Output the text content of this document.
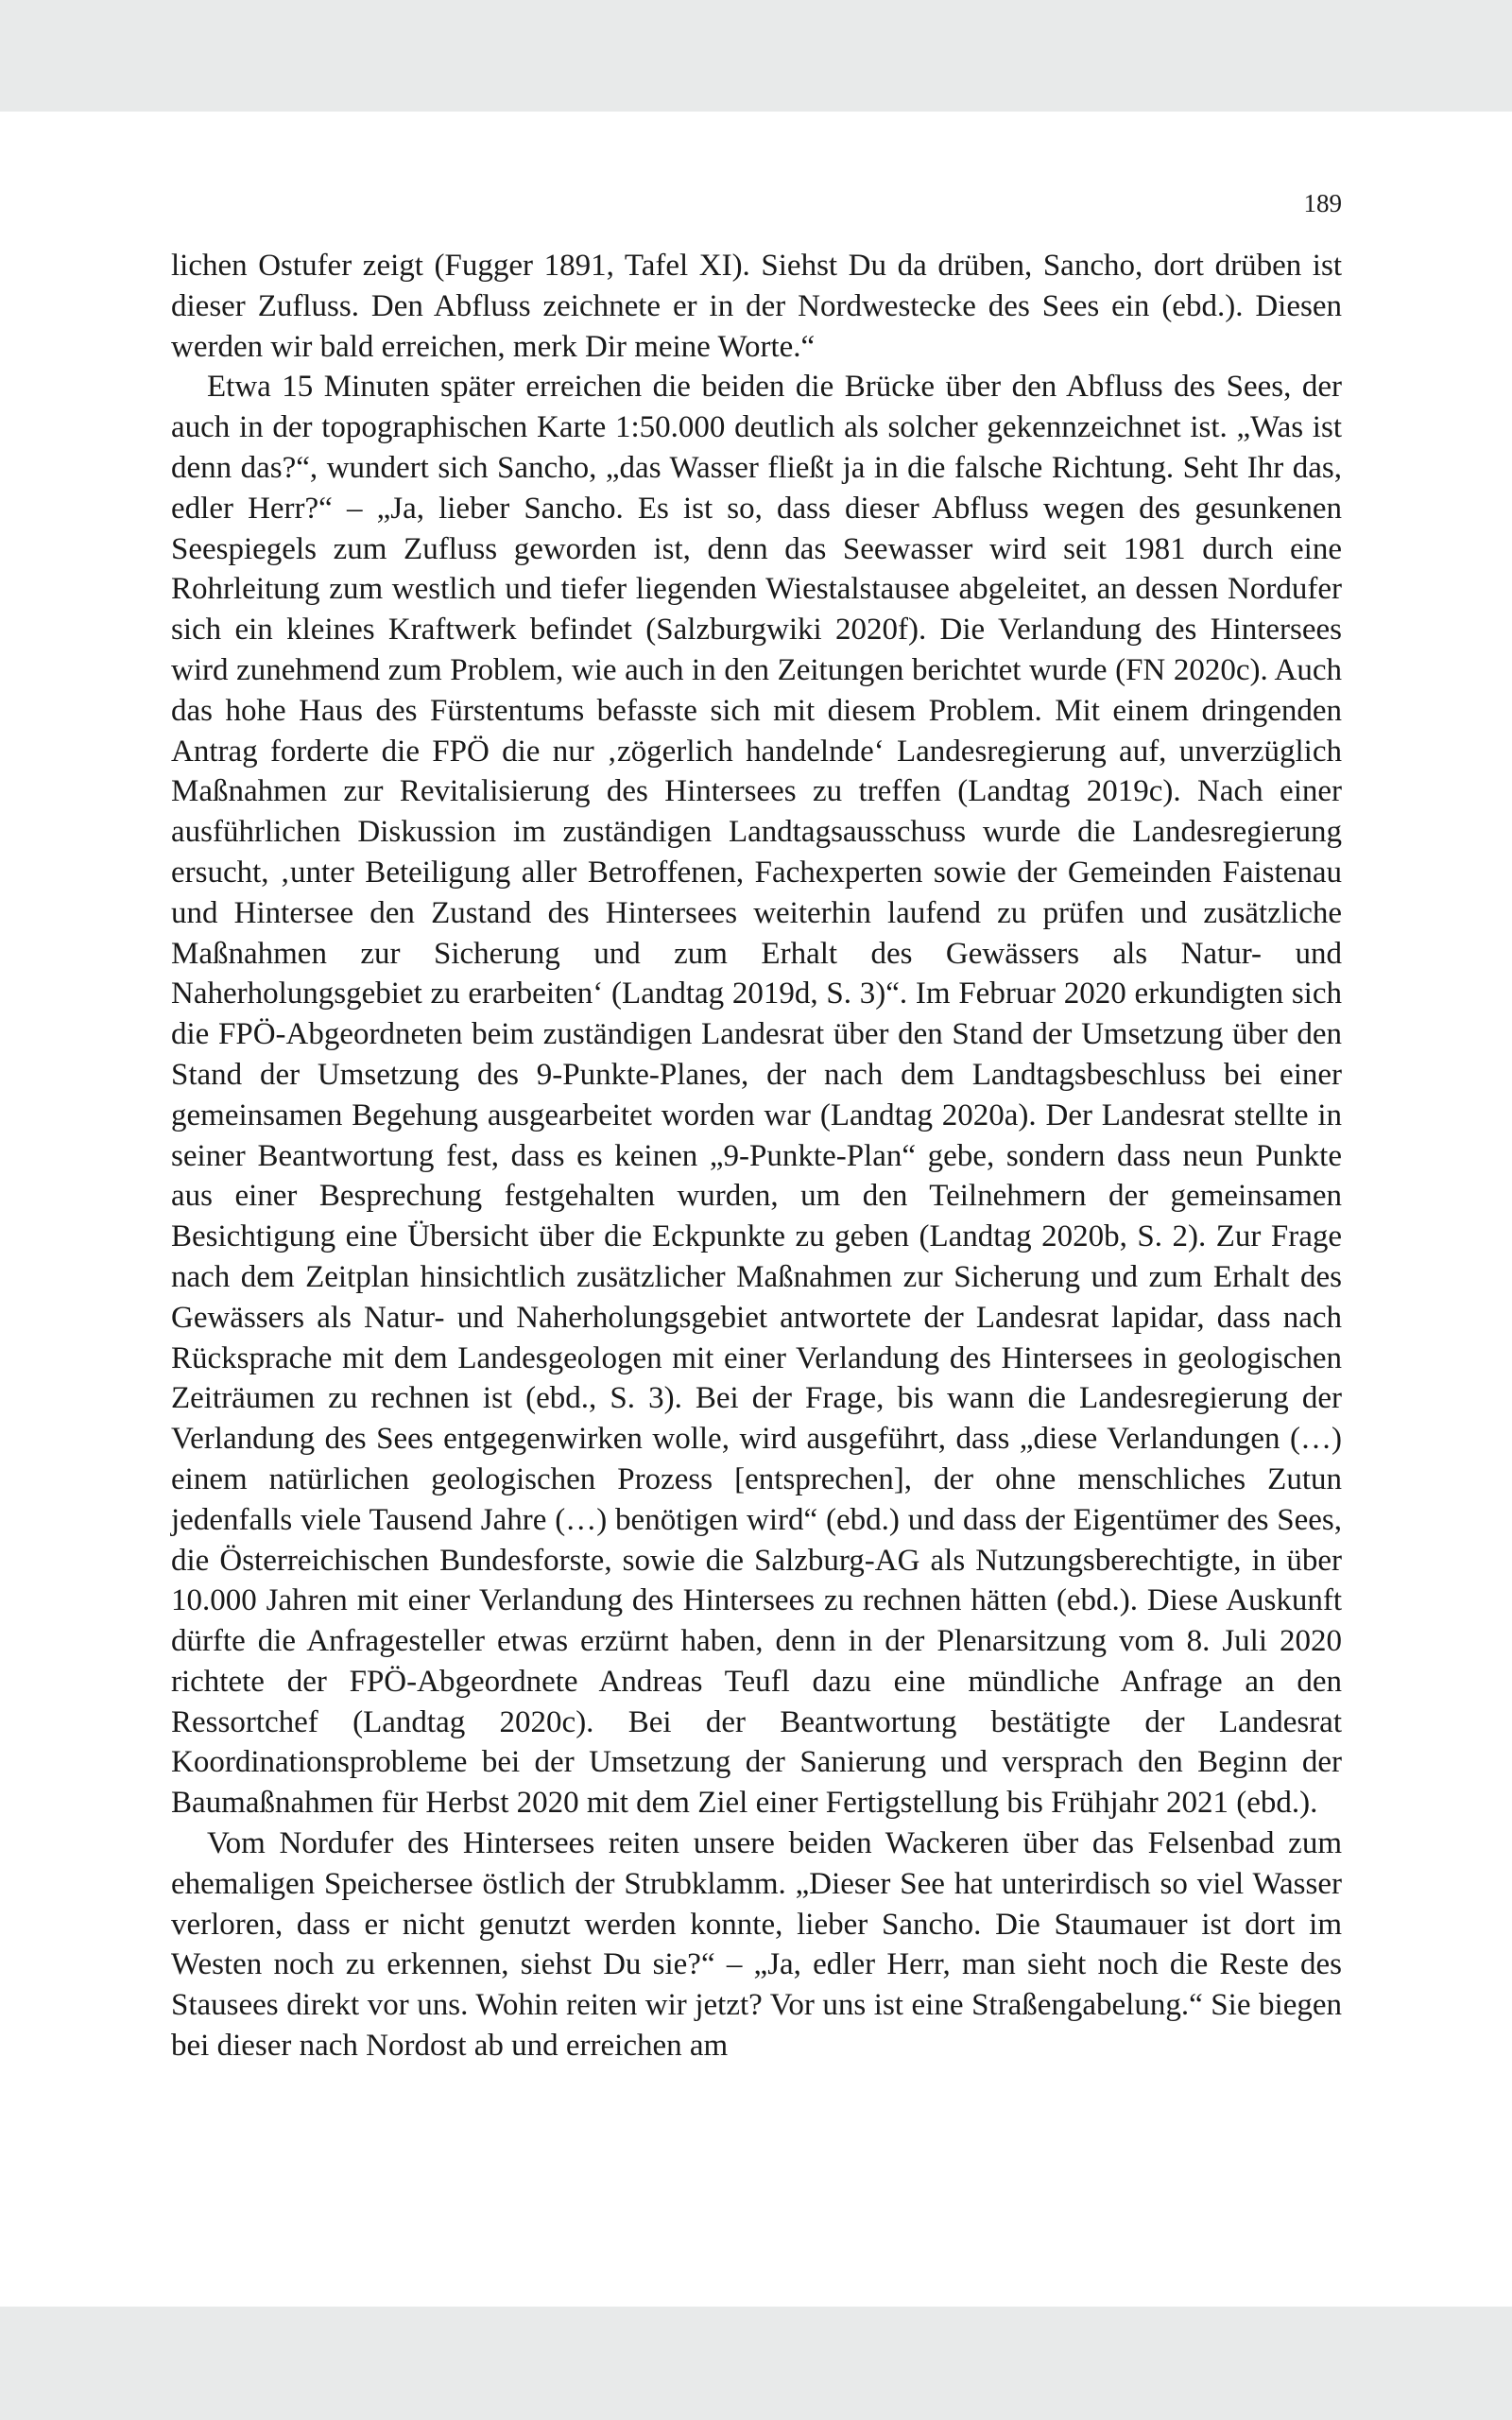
189

lichen Ostufer zeigt (Fugger 1891, Tafel XI). Siehst Du da drüben, Sancho, dort drüben ist dieser Zufluss. Den Abfluss zeichnete er in der Nordwestecke des Sees ein (ebd.). Diesen werden wir bald erreichen, merk Dir meine Worte.“

Etwa 15 Minuten später erreichen die beiden die Brücke über den Abfluss des Sees, der auch in der topographischen Karte 1:50.000 deutlich als solcher gekennzeichnet ist. „Was ist denn das?“, wundert sich Sancho, „das Wasser fließt ja in die falsche Richtung. Seht Ihr das, edler Herr?“ – „Ja, lieber Sancho. Es ist so, dass dieser Abfluss wegen des gesunkenen Seespiegels zum Zufluss geworden ist, denn das Seewasser wird seit 1981 durch eine Rohrleitung zum westlich und tiefer liegenden Wiestalstausee abgeleitet, an dessen Nordufer sich ein kleines Kraftwerk befindet (Salzburgwiki 2020f). Die Verlandung des Hintersees wird zunehmend zum Problem, wie auch in den Zeitungen berichtet wurde (FN 2020c). Auch das hohe Haus des Fürstentums befasste sich mit diesem Problem. Mit einem dringenden Antrag forderte die FPÖ die nur ‚zögerlich handelnde‘ Landesregierung auf, unverzüglich Maßnahmen zur Revitalisierung des Hintersees zu treffen (Landtag 2019c). Nach einer ausführlichen Diskussion im zuständigen Landtagsausschuss wurde die Landesregierung ersucht, ‚unter Beteiligung aller Betroffenen, Fachexperten sowie der Gemeinden Faistenau und Hintersee den Zustand des Hintersees weiterhin laufend zu prüfen und zusätzliche Maßnahmen zur Sicherung und zum Erhalt des Gewässers als Natur- und Naherholungsgebiet zu erarbeiten‘ (Landtag 2019d, S. 3)“. Im Februar 2020 erkundigten sich die FPÖ-Abgeordneten beim zuständigen Landesrat über den Stand der Umsetzung über den Stand der Umsetzung des 9-Punkte-Planes, der nach dem Landtagsbeschluss bei einer gemeinsamen Begehung ausgearbeitet worden war (Landtag 2020a). Der Landesrat stellte in seiner Beantwortung fest, dass es keinen „9-Punkte-Plan“ gebe, sondern dass neun Punkte aus einer Besprechung festgehalten wurden, um den Teilnehmern der gemeinsamen Besichtigung eine Übersicht über die Eckpunkte zu geben (Landtag 2020b, S. 2). Zur Frage nach dem Zeitplan hinsichtlich zusätzlicher Maßnahmen zur Sicherung und zum Erhalt des Gewässers als Natur- und Naherholungsgebiet antwortete der Landesrat lapidar, dass nach Rücksprache mit dem Landesgeologen mit einer Verlandung des Hintersees in geologischen Zeiträumen zu rechnen ist (ebd., S. 3). Bei der Frage, bis wann die Landesregierung der Verlandung des Sees entgegenwirken wolle, wird ausgeführt, dass „diese Verlandungen (…) einem natürlichen geologischen Prozess [entsprechen], der ohne menschliches Zutun jedenfalls viele Tausend Jahre (…) benötigen wird“ (ebd.) und dass der Eigentümer des Sees, die Österreichischen Bundesforste, sowie die Salzburg-AG als Nutzungsberechtigte, in über 10.000 Jahren mit einer Verlandung des Hintersees zu rechnen hätten (ebd.). Diese Auskunft dürfte die Anfragesteller etwas erzürnt haben, denn in der Plenarsitzung vom 8. Juli 2020 richtete der FPÖ-Abgeordnete Andreas Teufl dazu eine mündliche Anfrage an den Ressortchef (Landtag 2020c). Bei der Beantwortung bestätigte der Landesrat Koordinationsprobleme bei der Umsetzung der Sanierung und versprach den Beginn der Baumaßnahmen für Herbst 2020 mit dem Ziel einer Fertigstellung bis Frühjahr 2021 (ebd.).

Vom Nordufer des Hintersees reiten unsere beiden Wackeren über das Felsenbad zum ehemaligen Speichersee östlich der Strubklamm. „Dieser See hat unterirdisch so viel Wasser verloren, dass er nicht genutzt werden konnte, lieber Sancho. Die Staumauer ist dort im Westen noch zu erkennen, siehst Du sie?“ – „Ja, edler Herr, man sieht noch die Reste des Stausees direkt vor uns. Wohin reiten wir jetzt? Vor uns ist eine Straßengabelung.“ Sie biegen bei dieser nach Nordost ab und erreichen am
